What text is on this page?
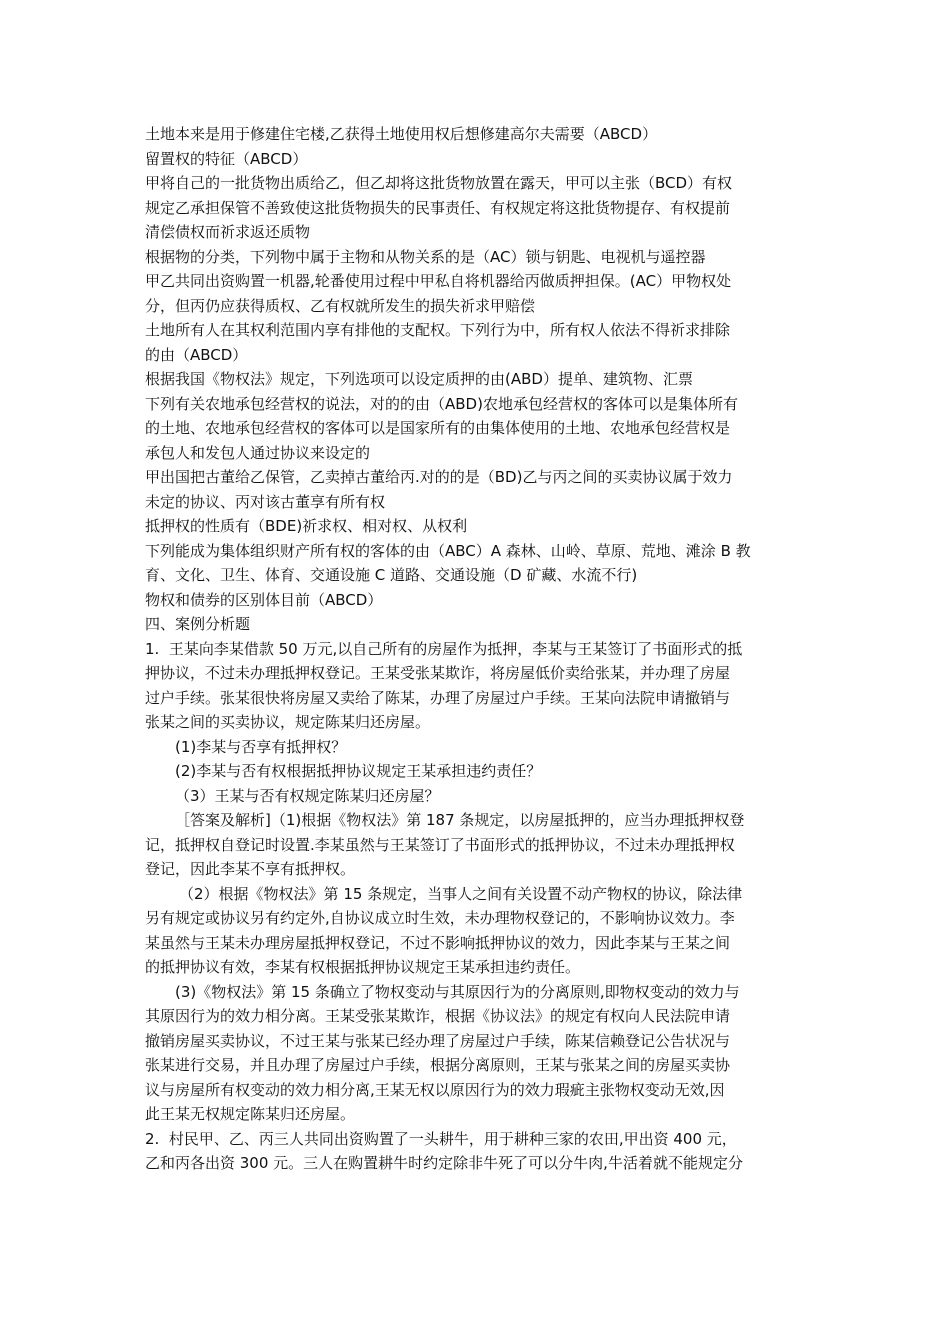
土地本来是用于修建住宅楼,乙获得土地使用权后想修建高尔夫需要（ABCD）

留置权的特征（ABCD）

甲将自己的一批货物出质给乙，但乙却将这批货物放置在露天，甲可以主张（BCD）有权

规定乙承担保管不善致使这批货物损失的民事责任、有权规定将这批货物提存、有权提前

清偿债权而祈求返还质物

根据物的分类，下列物中属于主物和从物关系的是（AC）锁与钥匙、电视机与遥控器

甲乙共同出资购置一机器,轮番使用过程中甲私自将机器给丙做质押担保。(AC）甲物权处

分，但丙仍应获得质权、乙有权就所发生的损失祈求甲赔偿

土地所有人在其权利范围内享有排他的支配权。下列行为中，所有权人依法不得祈求排除

的由（ABCD）

根据我国《物权法》规定，下列选项可以设定质押的由(ABD）提单、建筑物、汇票

下列有关农地承包经营权的说法，对的的由（ABD)农地承包经营权的客体可以是集体所有

的土地、农地承包经营权的客体可以是国家所有的由集体使用的土地、农地承包经营权是

承包人和发包人通过协议来设定的

甲出国把古董给乙保管，乙卖掉古董给丙.对的的是（BD)乙与丙之间的买卖协议属于效力

未定的协议、丙对该古董享有所有权

抵押权的性质有（BDE)祈求权、相对权、从权利

下列能成为集体组织财产所有权的客体的由（ABC）A 森林、山岭、草原、荒地、滩涂 B 教

育、文化、卫生、体育、交通设施 C 道路、交通设施（D 矿藏、水流不行)

物权和债券的区别体目前（ABCD）

四、案例分析题

1.  王某向李某借款 50 万元,以自己所有的房屋作为抵押，李某与王某签订了书面形式的抵

押协议，不过未办理抵押权登记。王某受张某欺诈，将房屋低价卖给张某，并办理了房屋

过户手续。张某很快将房屋又卖给了陈某，办理了房屋过户手续。王某向法院申请撤销与

张某之间的买卖协议，规定陈某归还房屋。

(1)李某与否享有抵押权？

(2)李某与否有权根据抵押协议规定王某承担违约责任？

（3）王某与否有权规定陈某归还房屋？

［答案及解析]（1)根据《物权法》第 187 条规定，以房屋抵押的，应当办理抵押权登

记，抵押权自登记时设置.李某虽然与王某签订了书面形式的抵押协议，不过未办理抵押权

登记，因此李某不享有抵押权。

（2）根据《物权法》第 15 条规定，当事人之间有关设置不动产物权的协议，除法律

另有规定或协议另有约定外,自协议成立时生效，未办理物权登记的，不影响协议效力。李

某虽然与王某未办理房屋抵押权登记，不过不影响抵押协议的效力，因此李某与王某之间

的抵押协议有效，李某有权根据抵押协议规定王某承担违约责任。

(3)《物权法》第 15 条确立了物权变动与其原因行为的分离原则,即物权变动的效力与

其原因行为的效力相分离。王某受张某欺诈，根据《协议法》的规定有权向人民法院申请

撤销房屋买卖协议，不过王某与张某已经办理了房屋过户手续，陈某信赖登记公告状况与

张某进行交易，并且办理了房屋过户手续，根据分离原则，王某与张某之间的房屋买卖协

议与房屋所有权变动的效力相分离,王某无权以原因行为的效力瑕疵主张物权变动无效,因

此王某无权规定陈某归还房屋。

2.  村民甲、乙、丙三人共同出资购置了一头耕牛，用于耕种三家的农田,甲出资 400 元，

乙和丙各出资 300 元。三人在购置耕牛时约定除非牛死了可以分牛肉,牛活着就不能规定分
